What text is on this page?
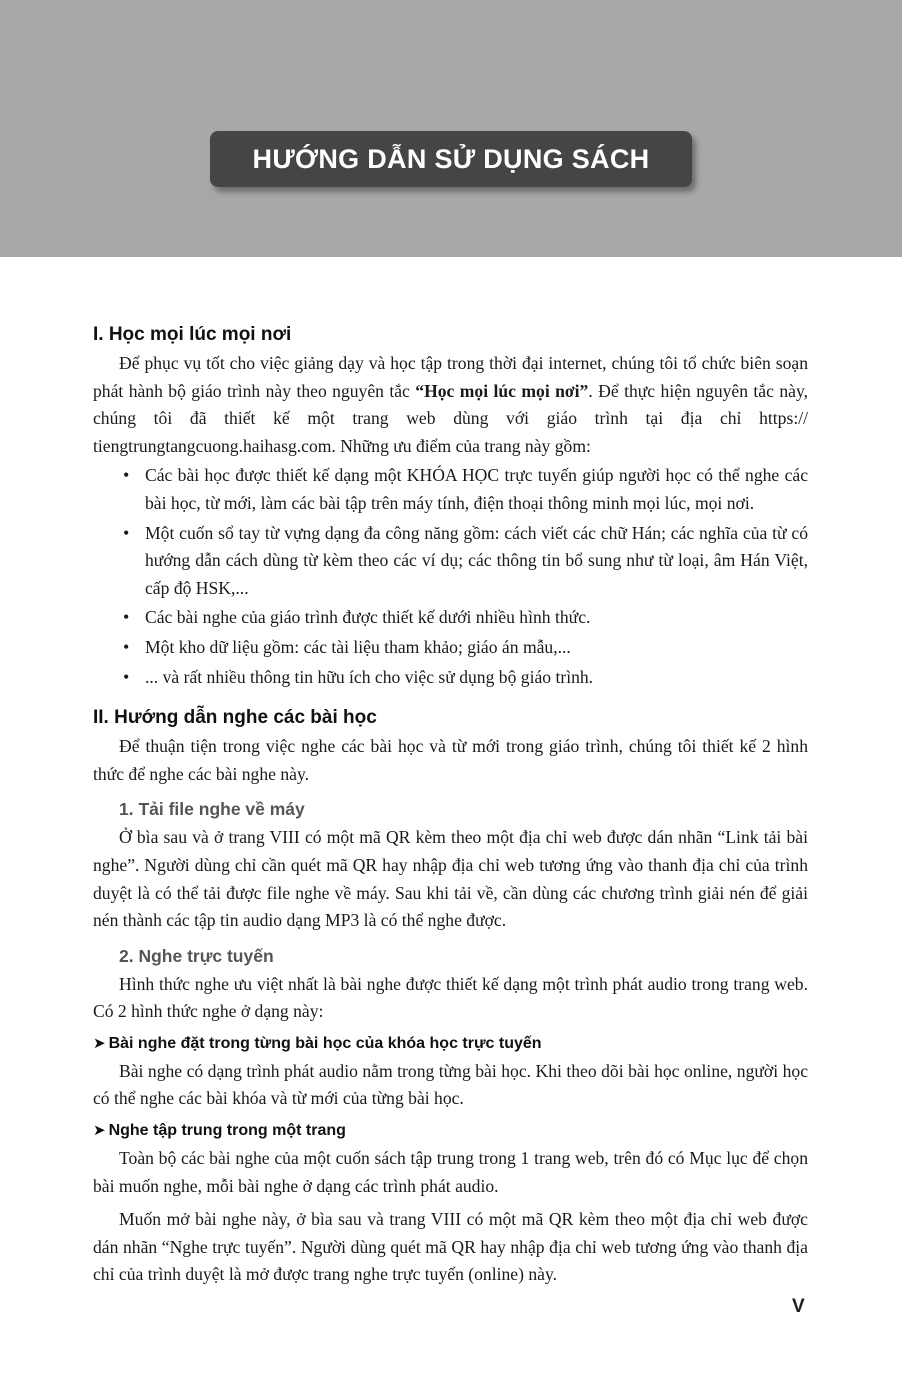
HƯỚNG DẪN SỬ DỤNG SÁCH
I. Học mọi lúc mọi nơi

Để phục vụ tốt cho việc giảng dạy và học tập trong thời đại internet, chúng tôi tổ chức biên soạn phát hành bộ giáo trình này theo nguyên tắc “Học mọi lúc mọi nơi”. Để thực hiện nguyên tắc này, chúng tôi đã thiết kế một trang web dùng với giáo trình tại địa chỉ https:// tiengtrungtangcuong.haihasg.com. Những ưu điểm của trang này gồm:

• Các bài học được thiết kế dạng một KHÓA HỌC trực tuyến giúp người học có thể nghe các bài học, từ mới, làm các bài tập trên máy tính, điện thoại thông minh mọi lúc, mọi nơi.
• Một cuốn sổ tay từ vựng dạng đa công năng gồm: cách viết các chữ Hán; các nghĩa của từ có hướng dẫn cách dùng từ kèm theo các ví dụ; các thông tin bổ sung như từ loại, âm Hán Việt, cấp độ HSK,...
• Các bài nghe của giáo trình được thiết kế dưới nhiều hình thức.
• Một kho dữ liệu gồm: các tài liệu tham khảo; giáo án mẫu,...
• ... và rất nhiều thông tin hữu ích cho việc sử dụng bộ giáo trình.
II. Hướng dẫn nghe các bài học

Để thuận tiện trong việc nghe các bài học và từ mới trong giáo trình, chúng tôi thiết kế 2 hình thức để nghe các bài nghe này.

1. Tải file nghe về máy

Ở bìa sau và ở trang VIII có một mã QR kèm theo một địa chỉ web được dán nhãn “Link tải bài nghe”. Người dùng chỉ cần quét mã QR hay nhập địa chỉ web tương ứng vào thanh địa chỉ của trình duyệt là có thể tải được file nghe về máy. Sau khi tải về, cần dùng các chương trình giải nén để giải nén thành các tập tin audio dạng MP3 là có thể nghe được.

2. Nghe trực tuyến

Hình thức nghe ưu việt nhất là bài nghe được thiết kế dạng một trình phát audio trong trang web. Có 2 hình thức nghe ở dạng này:

➤ Bài nghe đặt trong từng bài học của khóa học trực tuyến

Bài nghe có dạng trình phát audio nằm trong từng bài học. Khi theo dõi bài học online, người học có thể nghe các bài khóa và từ mới của từng bài học.

➤ Nghe tập trung trong một trang

Toàn bộ các bài nghe của một cuốn sách tập trung trong 1 trang web, trên đó có Mục lục để chọn bài muốn nghe, mỗi bài nghe ở dạng các trình phát audio.

Muốn mở bài nghe này, ở bìa sau và trang VIII có một mã QR kèm theo một địa chỉ web được dán nhãn “Nghe trực tuyến”. Người dùng quét mã QR hay nhập địa chỉ web tương ứng vào thanh địa chỉ của trình duyệt là mở được trang nghe trực tuyến (online) này.

V
